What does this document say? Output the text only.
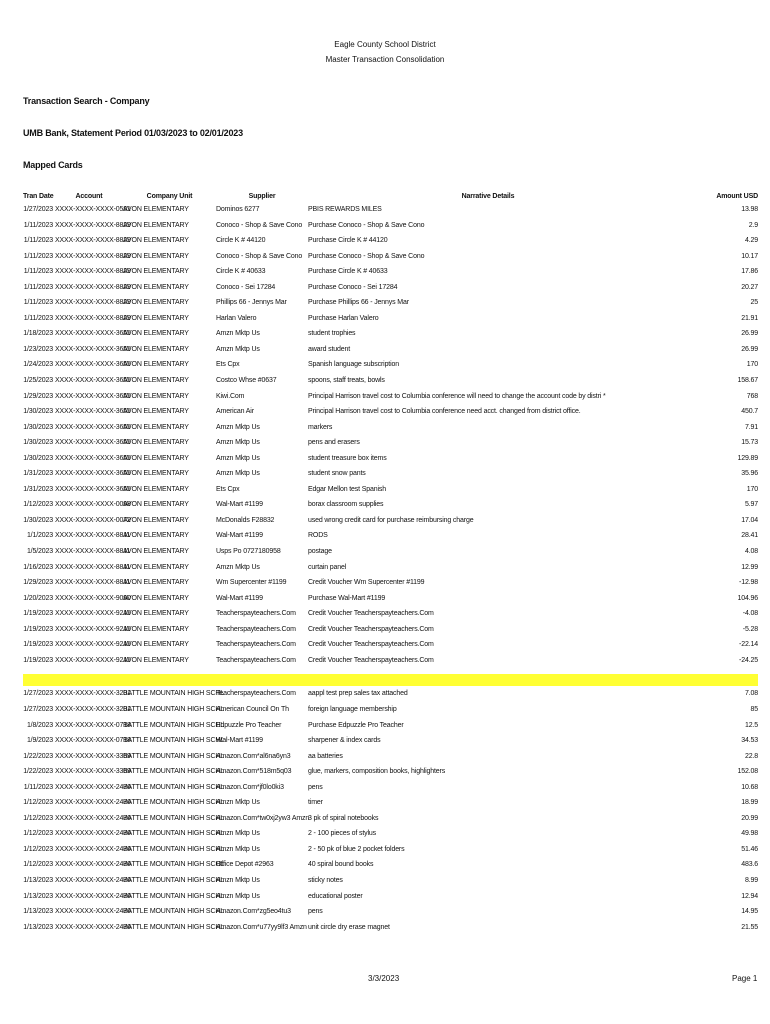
Eagle County School District
Master Transaction Consolidation
Transaction Search - Company
UMB Bank, Statement Period 01/03/2023 to 02/01/2023
Mapped Cards
Tran Date	Account	Company Unit	Supplier	Narrative Details	Amount USD
1/27/2023	XXXX-XXXX-XXXX-0581	AVON ELEMENTARY	Dominos 6277	PBIS REWARDS MILES	13.98
1/11/2023	XXXX-XXXX-XXXX-8829	AVON ELEMENTARY	Conoco - Shop & Save Cono	Purchase Conoco - Shop & Save Cono	2.9
1/11/2023	XXXX-XXXX-XXXX-8829	AVON ELEMENTARY	Circle K # 44120	Purchase Circle K # 44120	4.29
1/11/2023	XXXX-XXXX-XXXX-8829	AVON ELEMENTARY	Conoco - Shop & Save Cono	Purchase Conoco - Shop & Save Cono	10.17
1/11/2023	XXXX-XXXX-XXXX-8829	AVON ELEMENTARY	Circle K # 40633	Purchase Circle K # 40633	17.86
1/11/2023	XXXX-XXXX-XXXX-8829	AVON ELEMENTARY	Conoco - Sei 17284	Purchase Conoco - Sei 17284	20.27
1/11/2023	XXXX-XXXX-XXXX-8829	AVON ELEMENTARY	Phillips 66 - Jennys Mar	Purchase Phillips 66 - Jennys Mar	25
1/11/2023	XXXX-XXXX-XXXX-8829	AVON ELEMENTARY	Harlan Valero	Purchase Harlan Valero	21.91
1/18/2023	XXXX-XXXX-XXXX-3655	AVON ELEMENTARY	Amzn Mktp Us	student trophies	26.99
1/23/2023	XXXX-XXXX-XXXX-3655	AVON ELEMENTARY	Amzn Mktp Us	award student	26.99
1/24/2023	XXXX-XXXX-XXXX-3655	AVON ELEMENTARY	Ets Cpx	Spanish language subscription	170
1/25/2023	XXXX-XXXX-XXXX-3655	AVON ELEMENTARY	Costco Whse #0637	spoons, staff treats, bowls	158.67
1/29/2023	XXXX-XXXX-XXXX-3655	AVON ELEMENTARY	Kiwi.Com	Principal Harrison travel cost to Columbia conference will need to change the account code by distri *	768
1/30/2023	XXXX-XXXX-XXXX-3655	AVON ELEMENTARY	American Air	Principal Harrison travel cost to Columbia conference need acct. changed from district office.	450.7
1/30/2023	XXXX-XXXX-XXXX-3655	AVON ELEMENTARY	Amzn Mktp Us	markers	7.91
1/30/2023	XXXX-XXXX-XXXX-3655	AVON ELEMENTARY	Amzn Mktp Us	pens and erasers	15.73
1/30/2023	XXXX-XXXX-XXXX-3655	AVON ELEMENTARY	Amzn Mktp Us	student treasure box items	129.89
1/31/2023	XXXX-XXXX-XXXX-3655	AVON ELEMENTARY	Amzn Mktp Us	student snow pants	35.96
1/31/2023	XXXX-XXXX-XXXX-3655	AVON ELEMENTARY	Ets Cpx	Edgar Mellon test Spanish	170
1/12/2023	XXXX-XXXX-XXXX-0098	AVON ELEMENTARY	Wal-Mart #1199	borax classroom supplies	5.97
1/30/2023	XXXX-XXXX-XXXX-0072	AVON ELEMENTARY	McDonalds F28832	used wrong credit card for purchase reimbursing charge	17.04
1/1/2023	XXXX-XXXX-XXXX-8811	AVON ELEMENTARY	Wal-Mart #1199	RODS	28.41
1/5/2023	XXXX-XXXX-XXXX-8811	AVON ELEMENTARY	Usps Po 0727180958	postage	4.08
1/16/2023	XXXX-XXXX-XXXX-8811	AVON ELEMENTARY	Amzn Mktp Us	curtain panel	12.99
1/29/2023	XXXX-XXXX-XXXX-8811	AVON ELEMENTARY	Wm Supercenter #1199	Credit Voucher Wm Supercenter #1199	-12.98
1/20/2023	XXXX-XXXX-XXXX-9090	AVON ELEMENTARY	Wal-Mart #1199	Purchase Wal-Mart #1199	104.96
1/19/2023	XXXX-XXXX-XXXX-9215	AVON ELEMENTARY	Teacherspayteachers.Com	Credit Voucher Teacherspayteachers.Com	-4.08
1/19/2023	XXXX-XXXX-XXXX-9215	AVON ELEMENTARY	Teacherspayteachers.Com	Credit Voucher Teacherspayteachers.Com	-5.28
1/19/2023	XXXX-XXXX-XXXX-9215	AVON ELEMENTARY	Teacherspayteachers.Com	Credit Voucher Teacherspayteachers.Com	-22.14
1/19/2023	XXXX-XXXX-XXXX-9215	AVON ELEMENTARY	Teacherspayteachers.Com	Credit Voucher Teacherspayteachers.Com	-24.25

1/27/2023	XXXX-XXXX-XXXX-3201	BATTLE MOUNTAIN HIGH SCHL	Teacherspayteachers.Com	aappl test prep sales tax attached	7.08
1/27/2023	XXXX-XXXX-XXXX-3201	BATTLE MOUNTAIN HIGH SCHL	American Council On Th	foreign language membership	85
1/8/2023	XXXX-XXXX-XXXX-0718	BATTLE MOUNTAIN HIGH SCHL	Edpuzzle Pro Teacher	Purchase Edpuzzle Pro Teacher	12.5
1/9/2023	XXXX-XXXX-XXXX-0718	BATTLE MOUNTAIN HIGH SCHL	Wal-Mart #1199	sharpener & index cards	34.53
1/22/2023	XXXX-XXXX-XXXX-3369	BATTLE MOUNTAIN HIGH SCHL	Amazon.Com*al6na6yn3	aa batteries	22.8
1/22/2023	XXXX-XXXX-XXXX-3369	BATTLE MOUNTAIN HIGH SCHL	Amazon.Com*518m5q03	glue, markers, composition books, highlighters	152.08
1/11/2023	XXXX-XXXX-XXXX-2476	BATTLE MOUNTAIN HIGH SCHL	Amazon.Com*jf0lo0ki3	pens	10.68
1/12/2023	XXXX-XXXX-XXXX-2476	BATTLE MOUNTAIN HIGH SCHL	Amzn Mktp Us	timer	18.99
1/12/2023	XXXX-XXXX-XXXX-2476	BATTLE MOUNTAIN HIGH SCHL	Amazon.Com*tw0xj2yw3 Amzn	3 pk of spiral notebooks	20.99
1/12/2023	XXXX-XXXX-XXXX-2476	BATTLE MOUNTAIN HIGH SCHL	Amzn Mktp Us	2 - 100 pieces of stylus	49.98
1/12/2023	XXXX-XXXX-XXXX-2476	BATTLE MOUNTAIN HIGH SCHL	Amzn Mktp Us	2 - 50 pk of blue 2 pocket folders	51.46
1/12/2023	XXXX-XXXX-XXXX-2476	BATTLE MOUNTAIN HIGH SCHL	Office Depot #2963	40 spiral bound books	483.6
1/13/2023	XXXX-XXXX-XXXX-2476	BATTLE MOUNTAIN HIGH SCHL	Amzn Mktp Us	sticky notes	8.99
1/13/2023	XXXX-XXXX-XXXX-2476	BATTLE MOUNTAIN HIGH SCHL	Amzn Mktp Us	educational poster	12.94
1/13/2023	XXXX-XXXX-XXXX-2476	BATTLE MOUNTAIN HIGH SCHL	Amazon.Com*zg5eo4tu3	pens	14.95
1/13/2023	XXXX-XXXX-XXXX-2476	BATTLE MOUNTAIN HIGH SCHL	Amazon.Com*u77yy9lf3 Amzn	unit circle dry erase magnet	21.55
3/3/2023	Page 1
